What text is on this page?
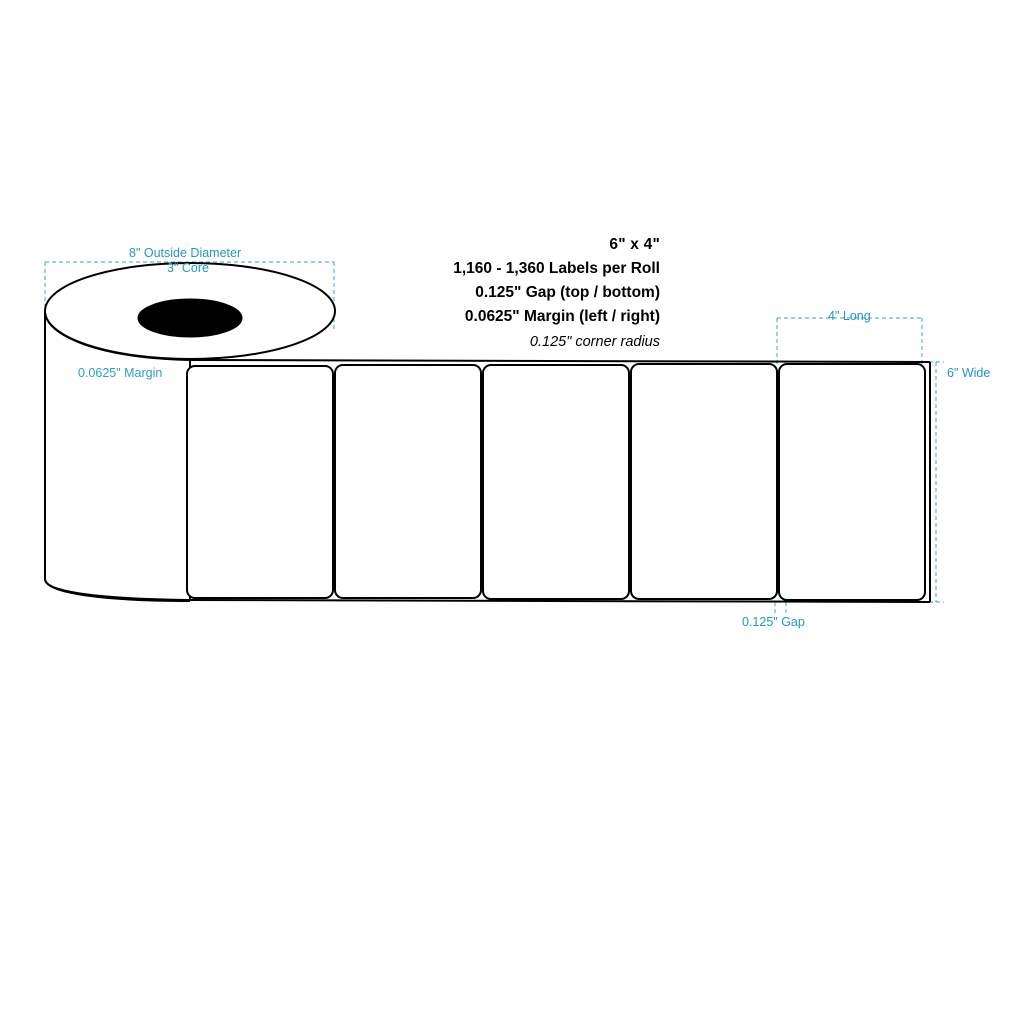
6" x 4"
1,160 - 1,360 Labels per Roll
0.125" Gap (top / bottom)
0.0625" Margin (left / right)
0.125" corner radius
8" Outside Diameter
3" Core
0.0625" Margin
4" Long
6" Wide
0.125" Gap
